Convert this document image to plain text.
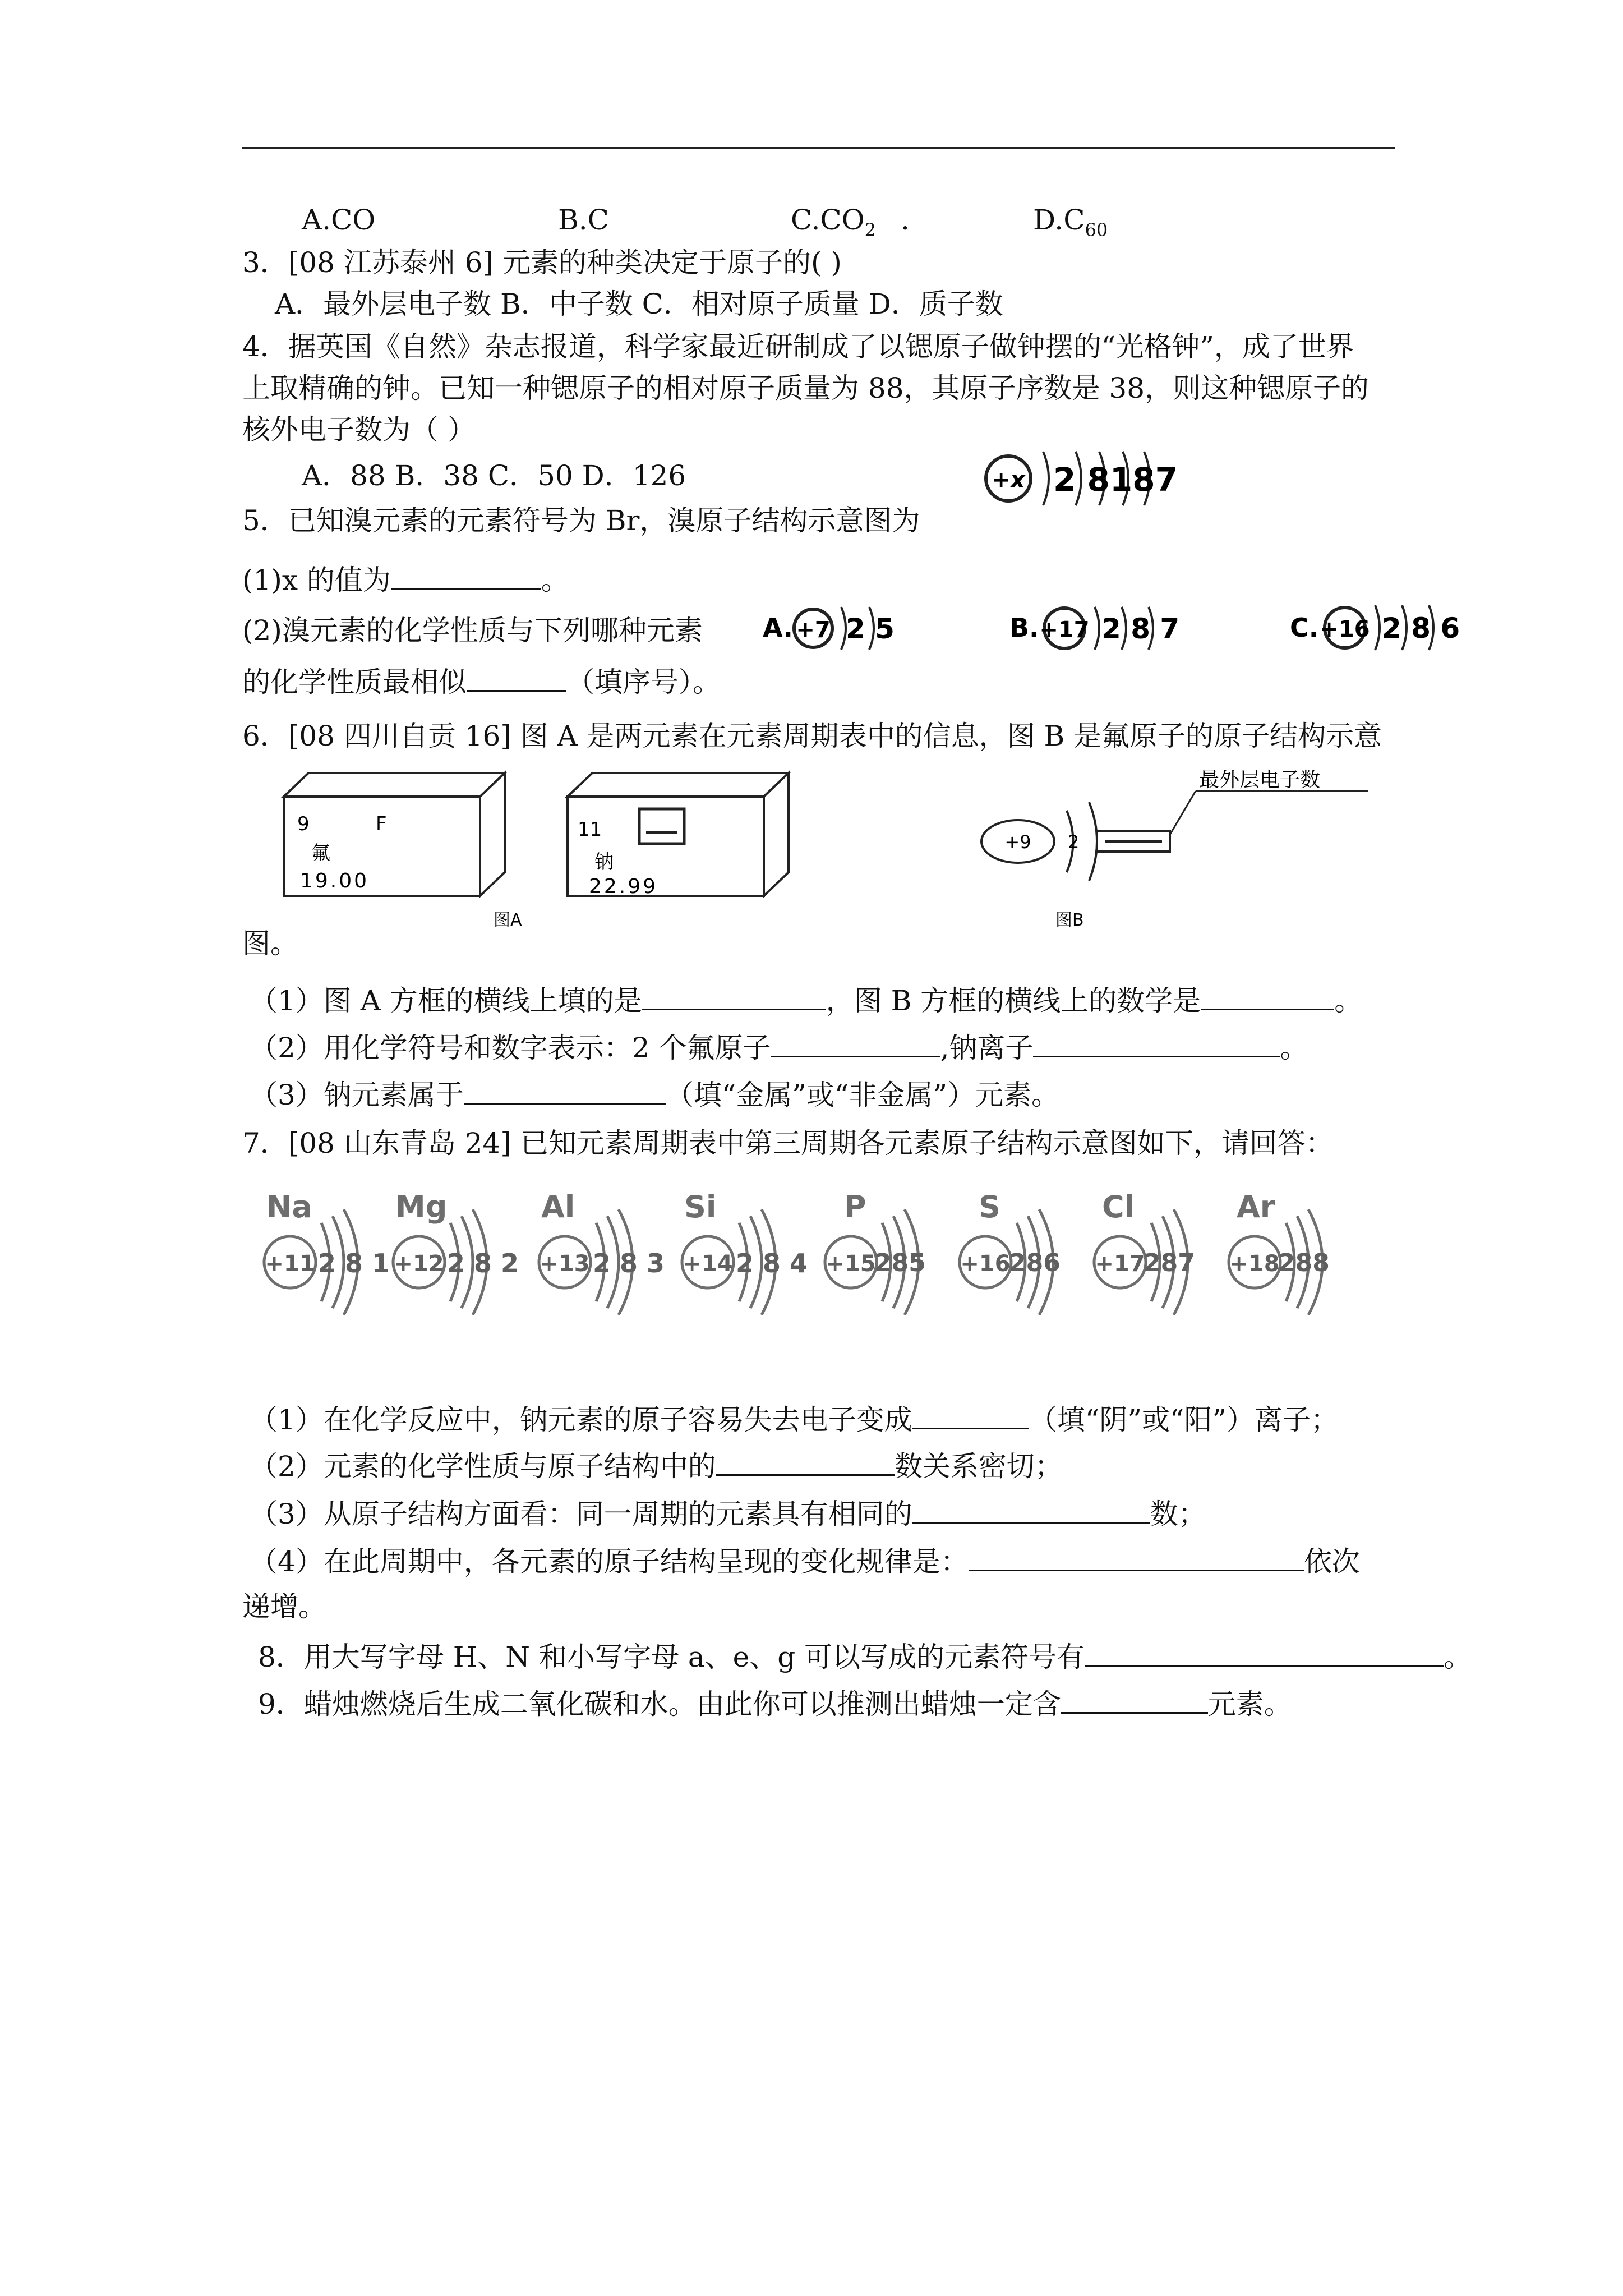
A.CO	B.C	$C.CO_2$ .	$D.C_{60}$
3．[08 江苏泰州 6] 元素的种类决定于原子的( )
A．最外层电子数 B．中子数 C．相对原子质量 D．质子数
4．据英国《自然》杂志报道，科学家最近研制成了以锶原子做钟摆的“光格钟”，成了世界
上取精确的钟。已知一种锶原子的相对原子质量为 88，其原子序数是 38，则这种锶原子的
核外电子数为（ ）
A．88 B．38 C．50 D．126	+x 2 8187
5．已知溴元素的元素符号为 Br，溴原子结构示意图为
(1)x 的值为	。
(2)溴元素的化学性质与下列哪种元素
的化学性质最相似	（填序号）。
A. +7 2 5	B. +17 2 8 7	C. +16 2 8 6
6．[08 四川自贡 16] 图 A 是两元素在元素周期表中的信息，图 B 是氟原子的原子结构示意
9	F
氟
19.00
11
钠
22.99
图A
+9 2
最外层电子数
图B
图。
（1）图 A 方框的横线上填的是	，图 B 方框的横线上的数学是	。
（2）用化学符号和数字表示：2 个氟原子	,钠离子	。
（3）钠元素属于	（填“金属”或“非金属”）元素。
7．[08 山东青岛 24] 已知元素周期表中第三周期各元素原子结构示意图如下，请回答：
Na
+11 2 8 1
Mg
+12 2 8 2
Al
+13 2 8 3
Si
+14 2 8 4
P
+15
285
S
+16
286
Cl
+17
287
Ar
+18
288
（1）在化学反应中，钠元素的原子容易失去电子变成	（填“阴”或“阳”）离子；
（2）元素的化学性质与原子结构中的	数关系密切；
（3）从原子结构方面看：同一周期的元素具有相同的	数；
（4）在此周期中，各元素的原子结构呈现的变化规律是：	依次
递增。
8．用大写字母 H、N 和小写字母 a、e、g 可以写成的元素符号有	。
9．蜡烛燃烧后生成二氧化碳和水。由此你可以推测出蜡烛一定含	元素。
